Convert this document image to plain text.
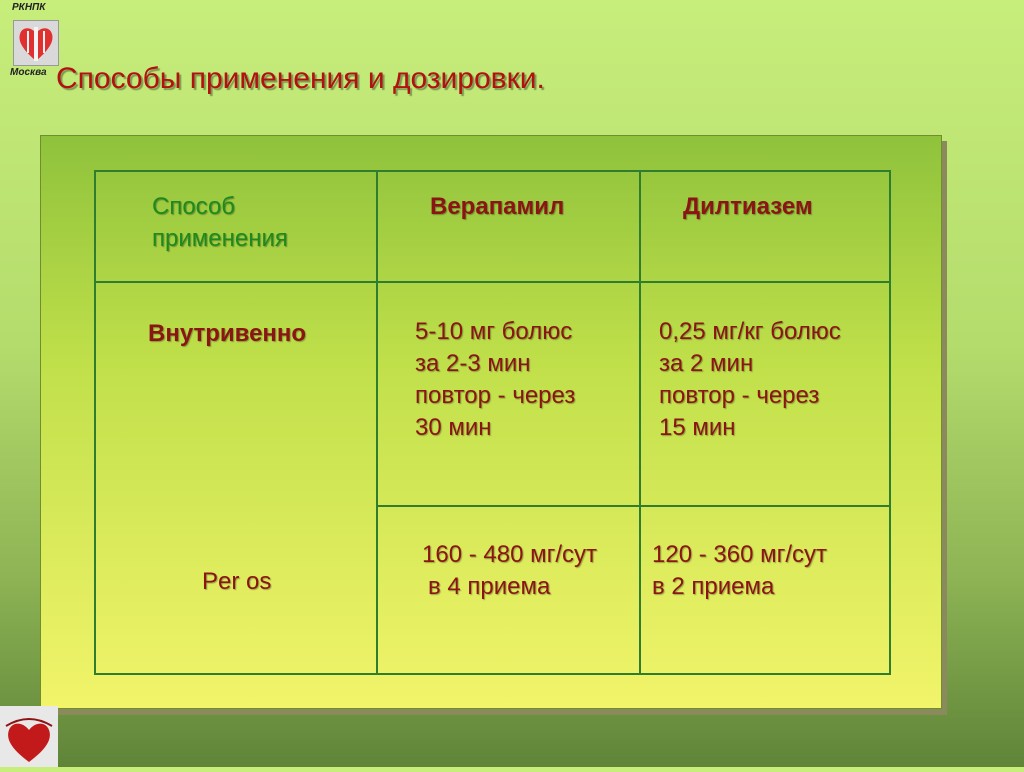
РКНПК
Москва Способы применения и дозировки.
Способ
применения
Верапамил	Дилтиазем
Внутривенно	5-10 мг болюс
за 2-3 мин
повтор - через
30 мин
0,25 мг/кг болюс
за 2 мин
повтор - через
15 мин
Per os
160 - 480 мг/сут
в 4 приема
120 - 360 мг/сут
в 2 приема
